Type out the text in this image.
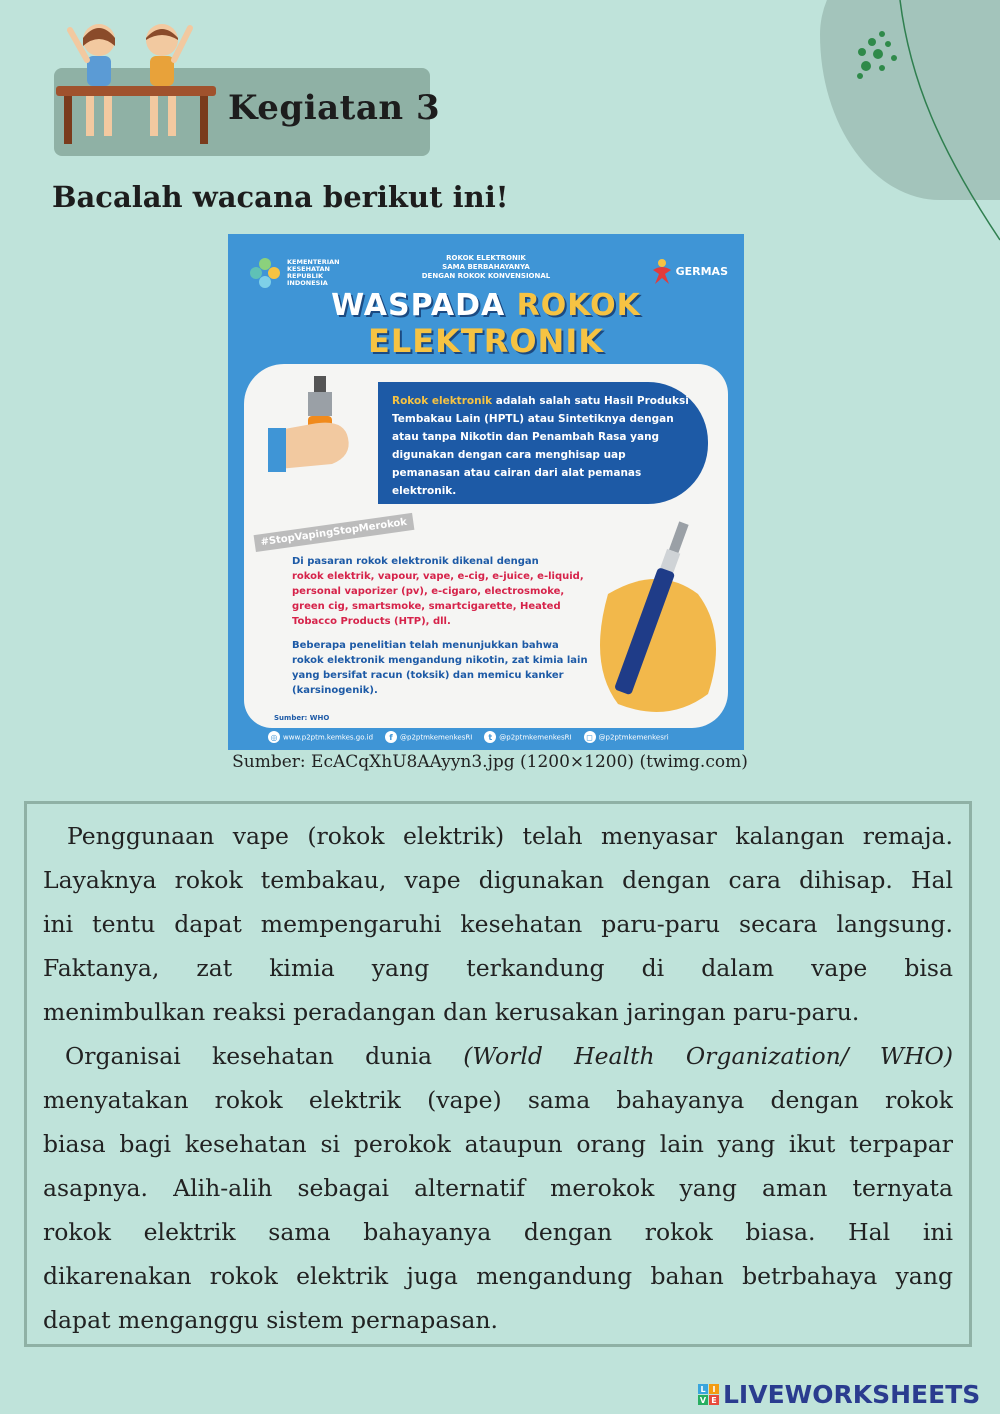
Kegiatan 3
Bacalah wacana berikut ini!
KEMENTERIAN KESEHATAN REPUBLIK INDONESIA
ROKOK ELEKTRONIK
SAMA BERBAHAYANYA
DENGAN ROKOK KONVENSIONAL	GERMAS
WASPADA ROKOK
ELEKTRONIK
Rokok elektronik adalah salah satu Hasil Produksi Tembakau Lain (HPTL) atau Sintetiknya dengan atau tanpa Nikotin dan Penambah Rasa yang digunakan dengan cara menghisap uap pemanasan atau cairan dari alat pemanas elektronik.
#StopVapingStopMerokok
Di pasaran rokok elektronik dikenal dengan
rokok elektrik, vapour, vape, e-cig, e-juice, e-liquid, personal vaporizer (pv), e-cigaro, electrosmoke, green cig, smartsmoke, smartcigarette, Heated Tobacco Products (HTP), dll.
Beberapa penelitian telah menunjukkan bahwa rokok elektronik mengandung nikotin, zat kimia lain yang bersifat racun (toksik) dan memicu kanker (karsinogenik).
Sumber: WHO
◎ www.p2ptm.kemkes.go.id	f @p2ptmkemenkesRI	t @p2ptmkemenkesRI	◻ @p2ptmkemenkesri
Sumber: EcACqXhU8AAyyn3.jpg (1200×1200) (twimg.com)
Penggunaan vape (rokok elektrik) telah menyasar kalangan remaja.
Layaknya rokok tembakau, vape digunakan dengan cara dihisap. Hal
ini tentu dapat mempengaruhi kesehatan paru-paru secara langsung.
Faktanya, zat kimia yang terkandung di dalam vape bisa
menimbulkan reaksi peradangan dan kerusakan jaringan paru-paru.
Organisai kesehatan dunia (World Health Organization/ WHO)
menyatakan rokok elektrik (vape) sama bahayanya dengan rokok
biasa bagi kesehatan si perokok ataupun orang lain yang ikut terpapar
asapnya. Alih-alih sebagai alternatif merokok yang aman ternyata
rokok elektrik sama bahayanya dengan rokok biasa. Hal ini
dikarenakan rokok elektrik juga mengandung bahan betrbahaya yang
dapat menganggu sistem pernapasan.
L I
V E LIVEWORKSHEETS
